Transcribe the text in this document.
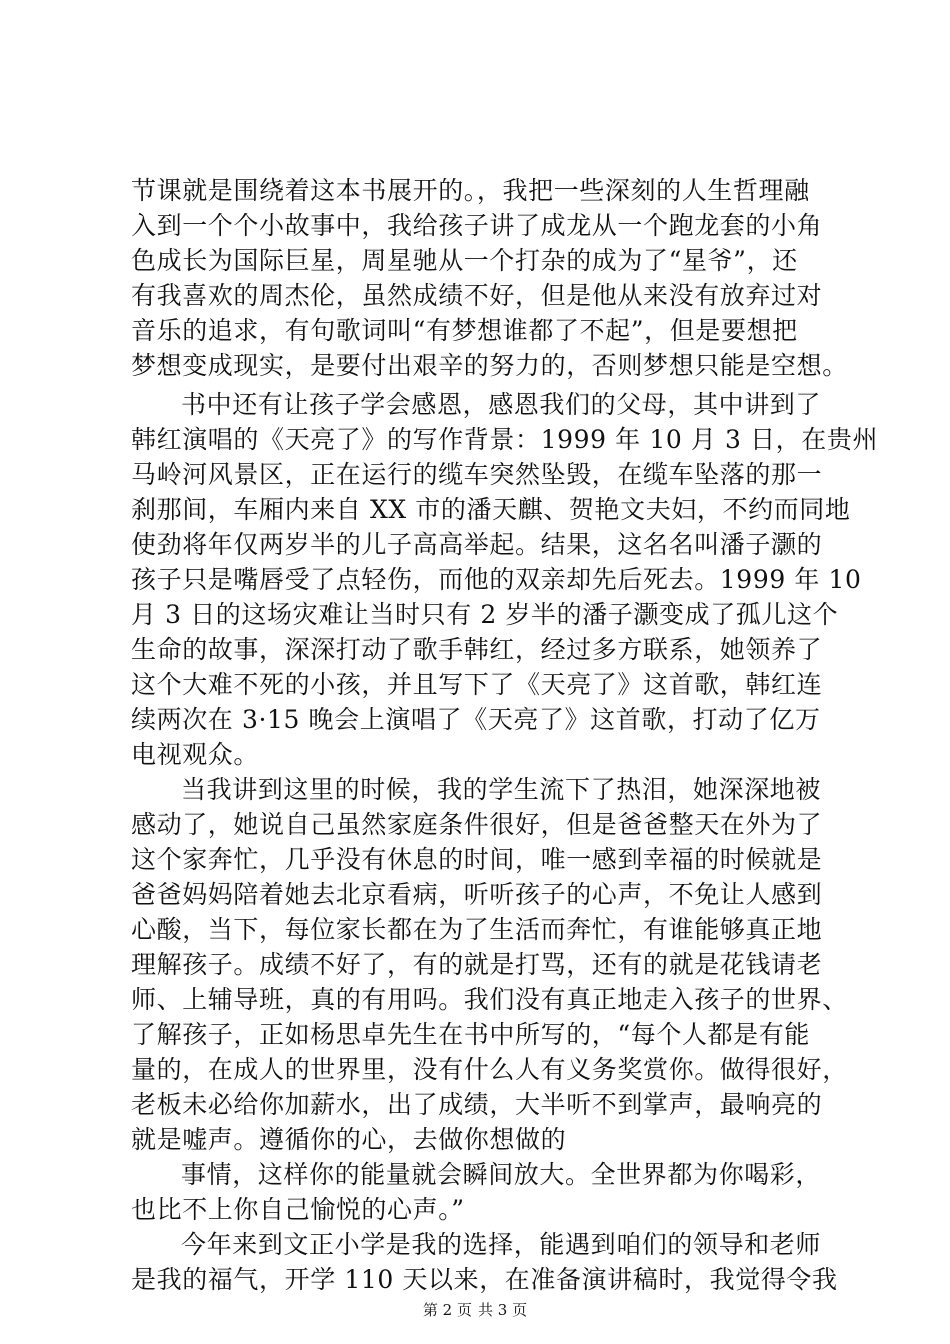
节课就是围绕着这本书展开的。，我把一些深刻的人生哲理融
入到一个个小故事中，我给孩子讲了成龙从一个跑龙套的小角
色成长为国际巨星，周星驰从一个打杂的成为了“星爷”，还
有我喜欢的周杰伦，虽然成绩不好，但是他从来没有放弃过对
音乐的追求，有句歌词叫“有梦想谁都了不起”，但是要想把
梦想变成现实，是要付出艰辛的努力的，否则梦想只能是空想。
书中还有让孩子学会感恩，感恩我们的父母，其中讲到了
韩红演唱的《天亮了》的写作背景：1999 年 10 月 3 日，在贵州
马岭河风景区，正在运行的缆车突然坠毁，在缆车坠落的那一
刹那间，车厢内来自 XX 市的潘天麒、贺艳文夫妇，不约而同地
使劲将年仅两岁半的儿子高高举起。结果，这名名叫潘子灏的
孩子只是嘴唇受了点轻伤，而他的双亲却先后死去。1999 年 10
月 3 日的这场灾难让当时只有 2 岁半的潘子灏变成了孤儿这个
生命的故事，深深打动了歌手韩红，经过多方联系，她领养了
这个大难不死的小孩，并且写下了《天亮了》这首歌，韩红连
续两次在 3·15 晚会上演唱了《天亮了》这首歌，打动了亿万
电视观众。
当我讲到这里的时候，我的学生流下了热泪，她深深地被
感动了，她说自己虽然家庭条件很好，但是爸爸整天在外为了
这个家奔忙，几乎没有休息的时间，唯一感到幸福的时候就是
爸爸妈妈陪着她去北京看病，听听孩子的心声，不免让人感到
心酸，当下，每位家长都在为了生活而奔忙，有谁能够真正地
理解孩子。成绩不好了，有的就是打骂，还有的就是花钱请老
师、上辅导班，真的有用吗。我们没有真正地走入孩子的世界、
了解孩子，正如杨思卓先生在书中所写的，“每个人都是有能
量的，在成人的世界里，没有什么人有义务奖赏你。做得很好，
老板未必给你加薪水，出了成绩，大半听不到掌声，最响亮的
就是嘘声。遵循你的心，去做你想做的
事情，这样你的能量就会瞬间放大。全世界都为你喝彩，
也比不上你自己愉悦的心声。”
今年来到文正小学是我的选择，能遇到咱们的领导和老师
是我的福气，开学 110 天以来，在准备演讲稿时，我觉得令我
第 2 页 共 3 页
